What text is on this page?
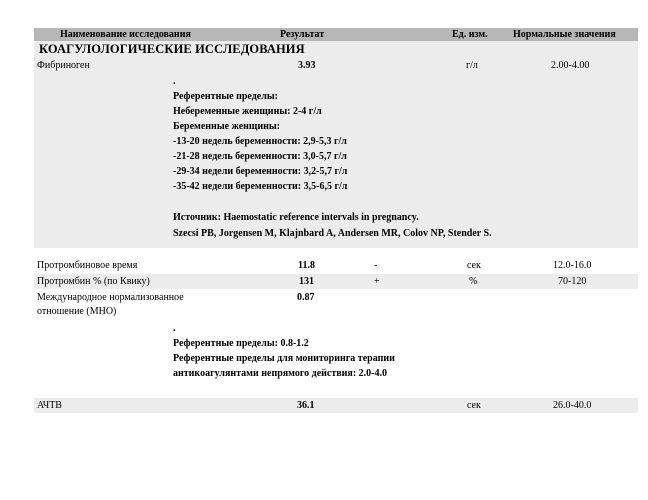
Наименование исследования	Результат	Ед. изм.	Нормальные значения
КОАГУЛОЛОГИЧЕСКИЕ ИССЛЕДОВАНИЯ
Фибриноген	3.93	г/л	2.00-4.00
.
Референтные пределы:
Небеременные женщины: 2-4 г/л
Беременные женщины:
-13-20 недель беременности: 2,9-5,3 г/л
-21-28 недель беременности: 3,0-5,7 г/л
-29-34 недели беременности: 3,2-5,7 г/л
-35-42 недели беременности: 3,5-6,5 г/л
Источник: Haemostatic reference intervals in pregnancy.
Szecsi PB, Jorgensen M, Klajnbard A, Andersen MR, Colov NP, Stender S.
Протромбиновое время	11.8	-	сек	12.0-16.0
Протромбин % (по Квику)	131	+	%	70-120
Международное нормализованное
отношение (МНО)
0.87
.
Референтные пределы: 0.8-1.2
Референтные пределы для мониторинга терапии
антикоагулянтами непрямого действия: 2.0-4.0
АЧТВ	36.1	сек	26.0-40.0
